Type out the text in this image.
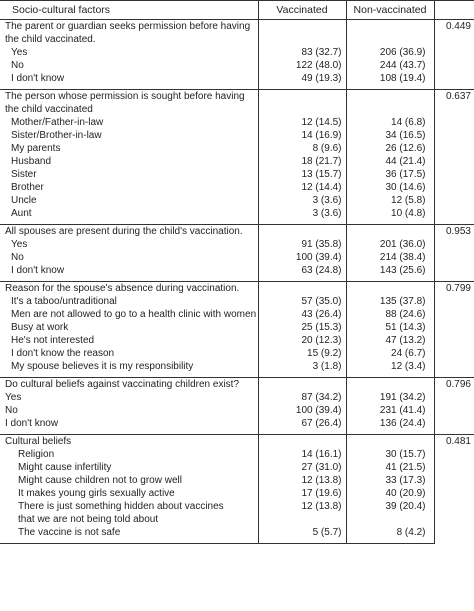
Socio-cultural factors	Vaccinated	Non-vaccinated	
The parent or guardian seeks permission before having the child vaccinated.			0.449
Yes	83 (32.7)	206 (36.9)	
No	122 (48.0)	244 (43.7)	
I don't know	49 (19.3)	108 (19.4)	

The person whose permission is sought before having the child vaccinated			0.637
Mother/Father-in-law	12 (14.5)	14 (6.8)	
Sister/Brother-in-law	14 (16.9)	34 (16.5)	
My parents	8 (9.6)	26 (12.6)	
Husband	18 (21.7)	44 (21.4)	
Sister	13 (15.7)	36 (17.5)	
Brother	12 (14.4)	30 (14.6)	
Uncle	3 (3.6)	12 (5.8)	
Aunt	3 (3.6)	10 (4.8)	

All spouses are present during the child's vaccination.			0.953
Yes	91 (35.8)	201 (36.0)	
No	100 (39.4)	214 (38.4)	
I don't know	63 (24.8)	143 (25.6)	

Reason for the spouse's absence during vaccination.			0.799
It's a taboo/untraditional	57 (35.0)	135 (37.8)	
Men are not allowed to go to a health clinic with women	43 (26.4)	88 (24.6)	
Busy at work	25 (15.3)	51 (14.3)	
He's not interested	20 (12.3)	47 (13.2)	
I don't know the reason	15 (9.2)	24 (6.7)	
My spouse believes it is my responsibility	3 (1.8)	12 (3.4)	

Do cultural beliefs against vaccinating children exist?			0.796
Yes	87 (34.2)	191 (34.2)	
No	100 (39.4)	231 (41.4)	
I don't know	67 (26.4)	136 (24.4)	

Cultural beliefs			0.481
Religion	14 (16.1)	30 (15.7)	
Might cause infertility	27 (31.0)	41 (21.5)	
Might cause children not to grow well	12 (13.8)	33 (17.3)	
It makes young girls sexually active	17 (19.6)	40 (20.9)	
There is just something hidden about vaccines	12 (13.8)	39 (20.4)	
that we are not being told about			
The vaccine is not safe	5 (5.7)	8 (4.2)	
